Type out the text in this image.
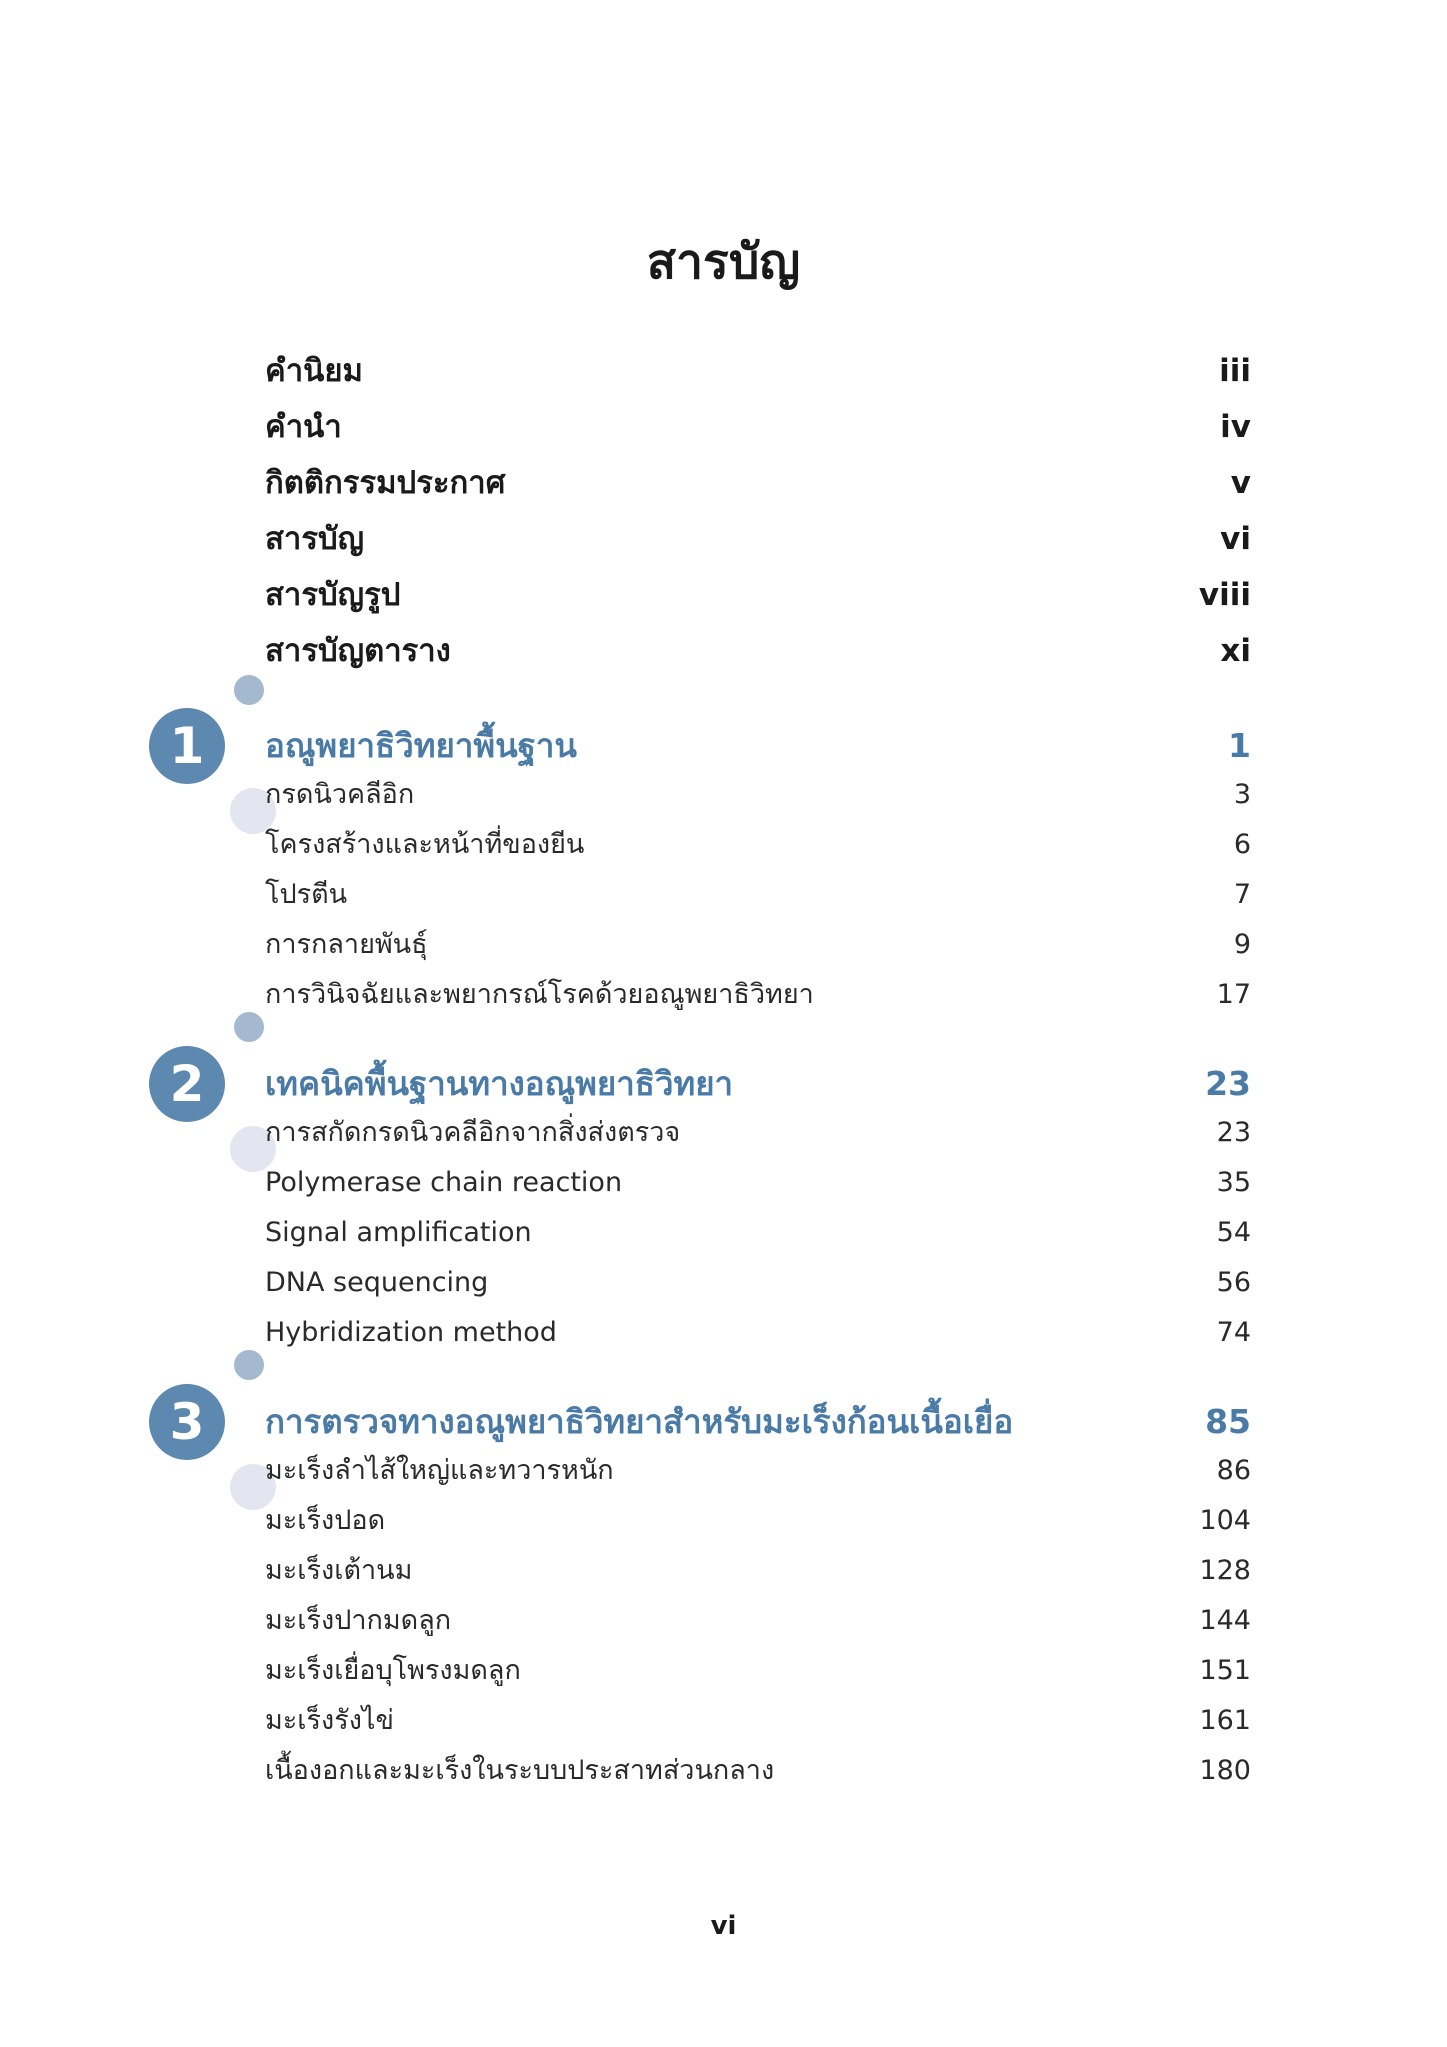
สารบัญ
คำนิยม	iii
คำนำ	iv
กิตติกรรมประกาศ	v
สารบัญ	vi
สารบัญรูป	viii
สารบัญตาราง	xi
1	อณูพยาธิวิทยาพื้นฐาน	1
กรดนิวคลีอิก	3
โครงสร้างและหน้าที่ของยีน	6
โปรตีน	7
การกลายพันธุ์	9
การวินิจฉัยและพยากรณ์โรคด้วยอณูพยาธิวิทยา	17
2	เทคนิคพื้นฐานทางอณูพยาธิวิทยา	23
การสกัดกรดนิวคลีอิกจากสิ่งส่งตรวจ	23
Polymerase chain reaction	35
Signal amplification	54
DNA sequencing	56
Hybridization method	74
3	การตรวจทางอณูพยาธิวิทยาสำหรับมะเร็งก้อนเนื้อเยื่อ	85
มะเร็งลำไส้ใหญ่และทวารหนัก	86
มะเร็งปอด	104
มะเร็งเต้านม	128
มะเร็งปากมดลูก	144
มะเร็งเยื่อบุโพรงมดลูก	151
มะเร็งรังไข่	161
เนื้องอกและมะเร็งในระบบประสาทส่วนกลาง	180
vi
